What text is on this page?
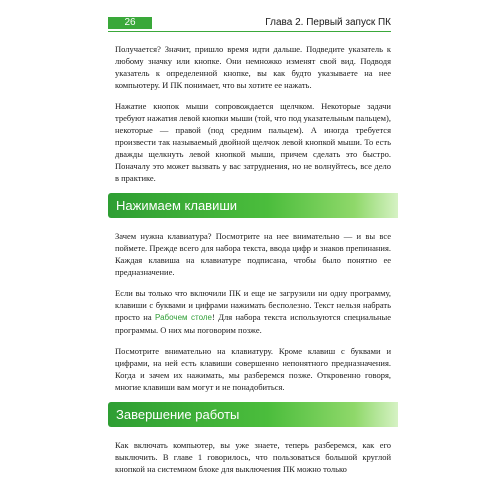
26	Глава 2. Первый запуск ПК

Получается? Значит, пришло время идти дальше. Подведите указатель к любому значку или кнопке. Они немножко изменят свой вид. Подводя указатель к определенной кнопке, вы как будто указываете на нее компьютеру. И ПК понимает, что вы хотите ее нажать.

Нажатие кнопок мыши сопровождается щелчком. Некоторые задачи требуют нажатия левой кнопки мыши (той, что под указательным пальцем), некоторые — правой (под средним пальцем). А иногда требуется произвести так называемый двойной щелчок левой кнопкой мыши. То есть дважды щелкнуть левой кнопкой мыши, причем сделать это быстро. Поначалу это может вызвать у вас затруднения, но не волнуйтесь, все дело в практике.

Нажимаем клавиши

Зачем нужна клавиатура? Посмотрите на нее внимательно — и вы все поймете. Прежде всего для набора текста, ввода цифр и знаков препинания. Каждая клавиша на клавиатуре подписана, чтобы было понятно ее предназначение.

Если вы только что включили ПК и еще не загрузили ни одну программу, клавиши с буквами и цифрами нажимать бесполезно. Текст нельзя набрать просто на Рабочем столе! Для набора текста используются специальные программы. О них мы поговорим позже.

Посмотрите внимательно на клавиатуру. Кроме клавиш с буквами и цифрами, на ней есть клавиши совершенно непонятного предназначения. Когда и зачем их нажимать, мы разберемся позже. Откровенно говоря, многие клавиши вам могут и не понадобиться.

Завершение работы

Как включать компьютер, вы уже знаете, теперь разберемся, как его выключить. В главе 1 говорилось, что пользоваться большой круглой кнопкой на системном блоке для выключения ПК можно только
